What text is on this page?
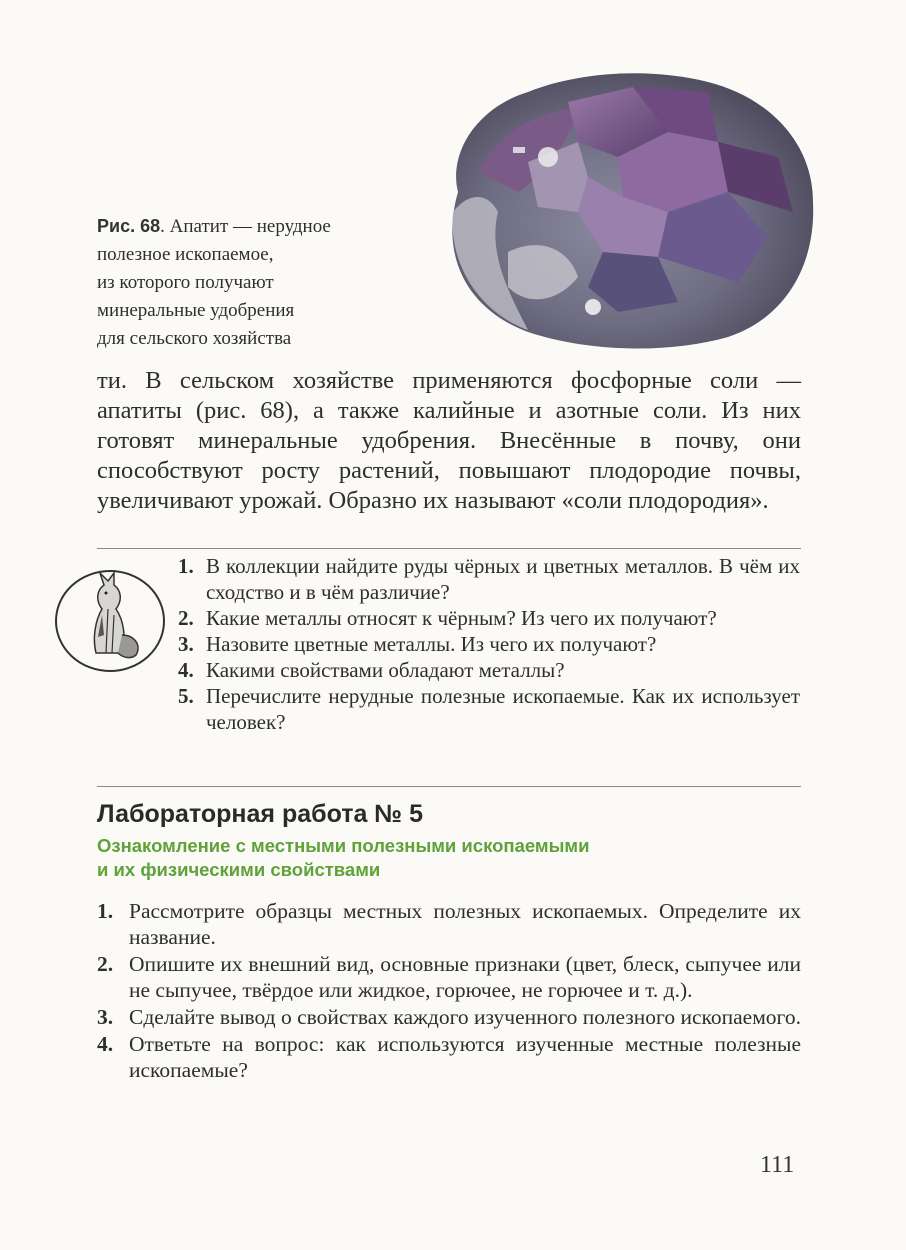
Рис. 68. Апатит — нерудное
полезное ископаемое,
из которого получают
минеральные удобрения
для сельского хозяйства
ти. В сельском хозяйстве применяются фосфорные соли — апатиты (рис. 68), а также калийные и азотные соли. Из них готовят минеральные удобрения. Внесённые в почву, они способствуют росту растений, повышают плодородие почвы, увеличивают урожай. Образно их называют «соли плодородия».
1. В коллекции найдите руды чёрных и цветных металлов. В чём их сходство и в чём различие?
2. Какие металлы относят к чёрным? Из чего их получают?
3. Назовите цветные металлы. Из чего их получают?
4. Какими свойствами обладают металлы?
5. Перечислите нерудные полезные ископаемые. Как их использует человек?
Лабораторная работа № 5
Ознакомление с местными полезными ископаемыми
и их физическими свойствами
1. Рассмотрите образцы местных полезных ископаемых. Определите их название.
2. Опишите их внешний вид, основные признаки (цвет, блеск, сыпучее или не сыпучее, твёрдое или жидкое, горючее, не горючее и т. д.).
3. Сделайте вывод о свойствах каждого изученного полезного ископаемого.
4. Ответьте на вопрос: как используются изученные местные полезные ископаемые?
111
